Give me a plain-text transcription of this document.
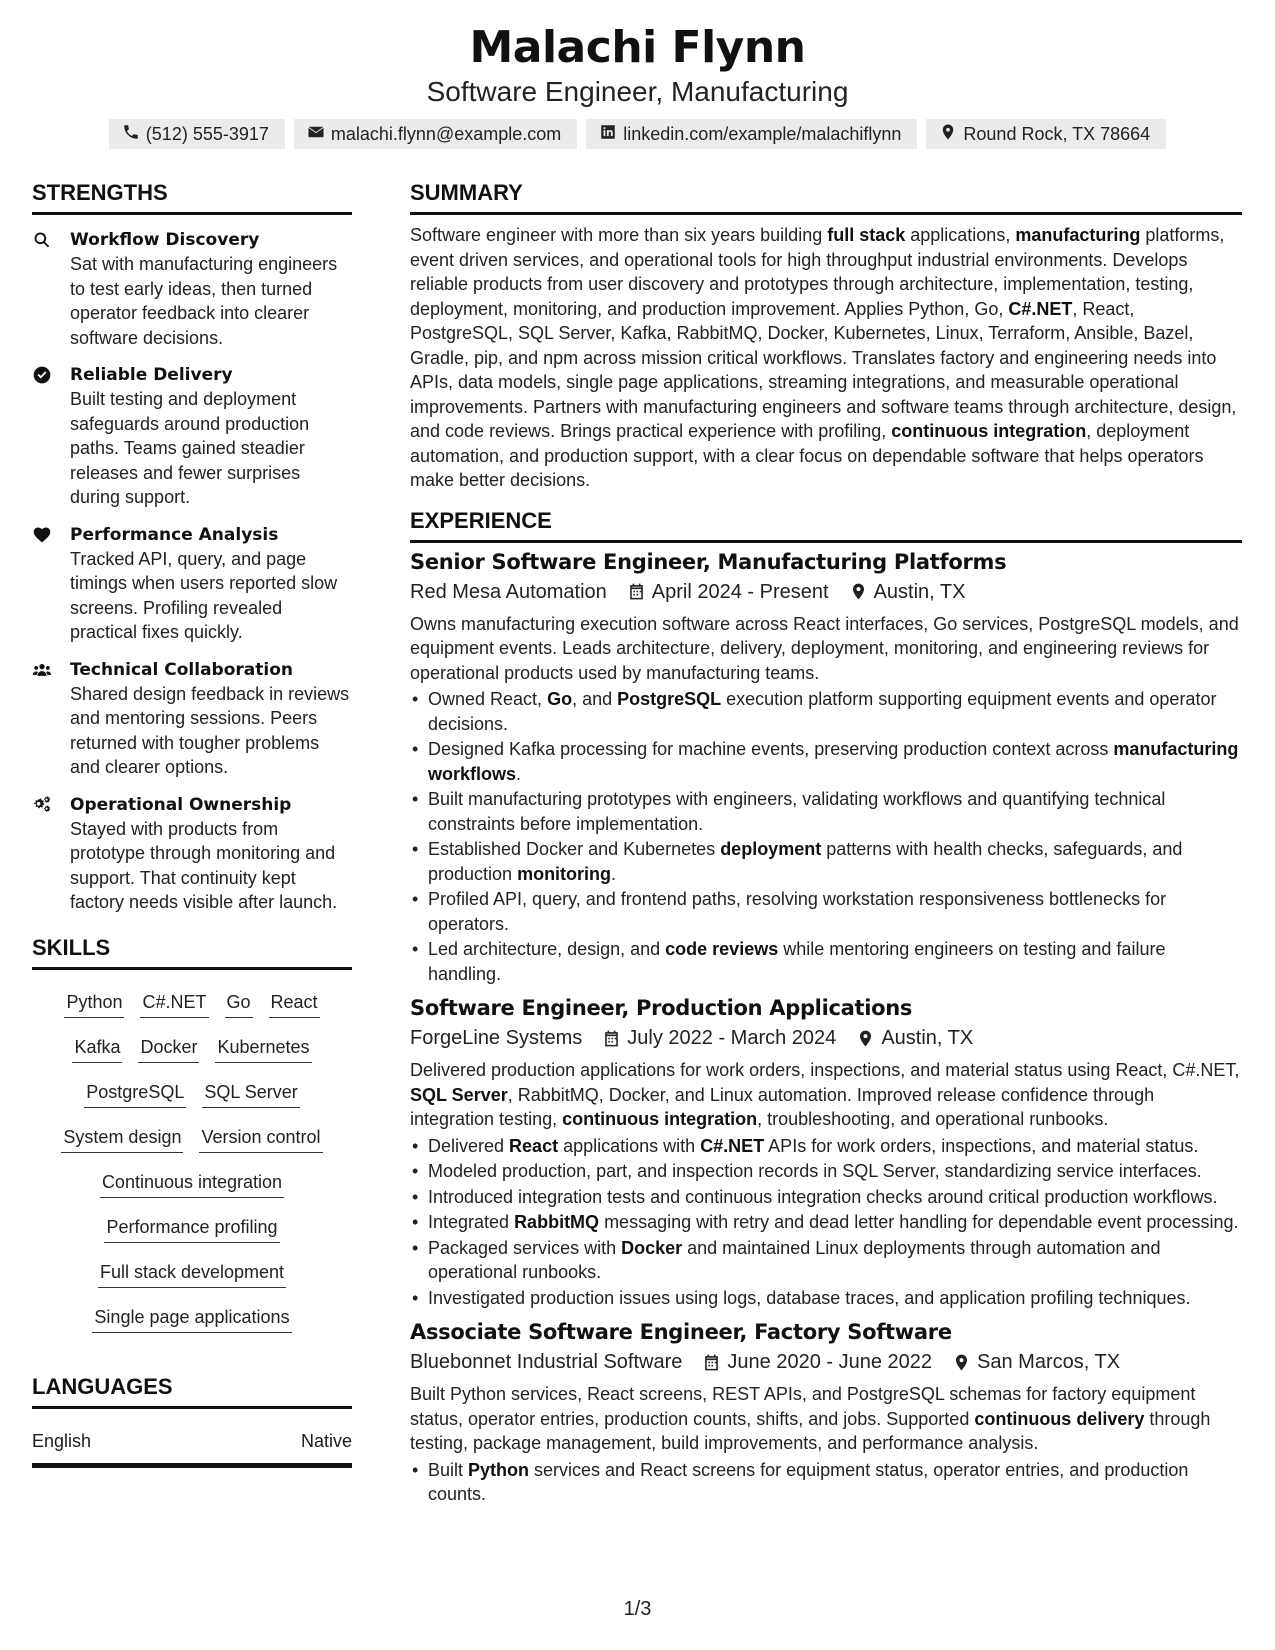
Malachi Flynn
Software Engineer, Manufacturing
(512) 555-3917	malachi.flynn@example.com	linkedin.com/example/malachiflynn	Round Rock, TX 78664
STRENGTHS
Workflow Discovery
Sat with manufacturing engineers to test early ideas, then turned operator feedback into clearer software decisions.
Reliable Delivery
Built testing and deployment safeguards around production paths. Teams gained steadier releases and fewer surprises during support.
Performance Analysis
Tracked API, query, and page timings when users reported slow screens. Profiling revealed practical fixes quickly.
Technical Collaboration
Shared design feedback in reviews and mentoring sessions. Peers returned with tougher problems and clearer options.
Operational Ownership
Stayed with products from prototype through monitoring and support. That continuity kept factory needs visible after launch.
SKILLS
Python C#.NET Go React
Kafka Docker Kubernetes
PostgreSQL SQL Server
System design Version control
Continuous integration
Performance profiling
Full stack development
Single page applications
LANGUAGES
English	Native
SUMMARY
Software engineer with more than six years building full stack applications, manufacturing platforms, event driven services, and operational tools for high throughput industrial environments. Develops reliable products from user discovery and prototypes through architecture, implementation, testing, deployment, monitoring, and production improvement. Applies Python, Go, C#.NET, React, PostgreSQL, SQL Server, Kafka, RabbitMQ, Docker, Kubernetes, Linux, Terraform, Ansible, Bazel, Gradle, pip, and npm across mission critical workflows. Translates factory and engineering needs into APIs, data models, single page applications, streaming integrations, and measurable operational improvements. Partners with manufacturing engineers and software teams through architecture, design, and code reviews. Brings practical experience with profiling, continuous integration, deployment automation, and production support, with a clear focus on dependable software that helps operators make better decisions.
EXPERIENCE
Senior Software Engineer, Manufacturing Platforms
Red Mesa Automation April 2024 - Present Austin, TX
Owns manufacturing execution software across React interfaces, Go services, PostgreSQL models, and equipment events. Leads architecture, delivery, deployment, monitoring, and engineering reviews for operational products used by manufacturing teams.
• Owned React, Go, and PostgreSQL execution platform supporting equipment events and operator decisions.
• Designed Kafka processing for machine events, preserving production context across manufacturing workflows.
• Built manufacturing prototypes with engineers, validating workflows and quantifying technical constraints before implementation.
• Established Docker and Kubernetes deployment patterns with health checks, safeguards, and production monitoring.
• Profiled API, query, and frontend paths, resolving workstation responsiveness bottlenecks for operators.
• Led architecture, design, and code reviews while mentoring engineers on testing and failure handling.
Software Engineer, Production Applications
ForgeLine Systems July 2022 - March 2024 Austin, TX
Delivered production applications for work orders, inspections, and material status using React, C#.NET, SQL Server, RabbitMQ, Docker, and Linux automation. Improved release confidence through integration testing, continuous integration, troubleshooting, and operational runbooks.
• Delivered React applications with C#.NET APIs for work orders, inspections, and material status.
• Modeled production, part, and inspection records in SQL Server, standardizing service interfaces.
• Introduced integration tests and continuous integration checks around critical production workflows.
• Integrated RabbitMQ messaging with retry and dead letter handling for dependable event processing.
• Packaged services with Docker and maintained Linux deployments through automation and operational runbooks.
• Investigated production issues using logs, database traces, and application profiling techniques.
Associate Software Engineer, Factory Software
Bluebonnet Industrial Software June 2020 - June 2022 San Marcos, TX
Built Python services, React screens, REST APIs, and PostgreSQL schemas for factory equipment status, operator entries, production counts, shifts, and jobs. Supported continuous delivery through testing, package management, build improvements, and performance analysis.
• Built Python services and React screens for equipment status, operator entries, and production counts.
1/3
